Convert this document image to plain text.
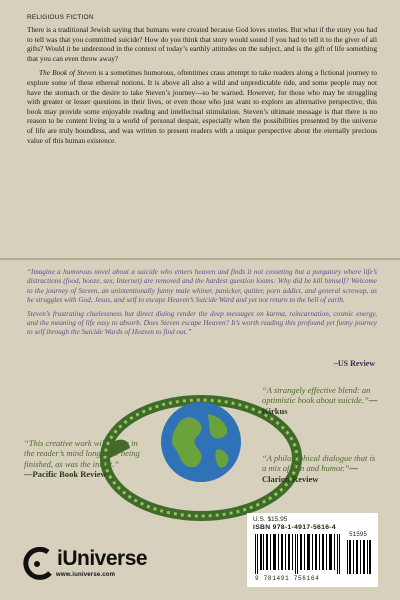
RELIGIOUS FICTION

There is a traditional Jewish saying that humans were created because God loves stories. But what if the story you had to tell was that you committed suicide? How do you think that story would sound if you had to tell it to the giver of all gifts? Would it be understood in the context of today’s earthly attitudes on the subject, and is the gift of life something that you can even throw away?

The Book of Steven is a sometimes humorous, oftentimes crass attempt to take readers along a fictional journey to explore some of these ethereal notions. It is above all also a wild and unpredictable ride, and some people may not have the stomach or the desire to take Steven’s journey—so be warned. However, for those who may be struggling with greater or lesser questions in their lives, or even those who just want to explore an alternative perspective, this book may provide some enjoyable reading and intellectual stimulation. Steven’s ultimate message is that there is no reason to be content living in a world of personal despair, especially when the possibilities presented by the universe of life are truly boundless, and was written to present readers with a unique perspective about the eternally precious value of this human existence.

“Imagine a humorous novel about a suicide who enters heaven and finds it not cosseting but a purgatory where life’s distractions (food, booze, sex, Internet) are removed and the hardest question looms: Why did he kill himself? Welcome to the journey of Steven, an unintentionally funny male whiner, panicker, quitter, porn addict, and general screwup, as he struggles with God, Jesus, and self to escape Heaven’s Suicide Ward and yet not return to the hell of earth.

Steven’s frustrating cluelessness but direct dialog render the deep messages on karma, reincarnation, cosmic energy, and the meaning of life easy to absorb. Does Steven escape Heaven? It’s worth reading this profound yet funny journey to self through the Suicide Wards of Heaven to find out.”

–US Review
“This creative work will linger in the reader’s mind long after being finished, as was the intent.”
—Pacific Book Review
“A strangely effective blend: an optimistic book about suicide.”—Kirkus
“A philosophical dialogue that is a mix of Zen and humor.”—Clarion Review
U.S. $15.95
ISBN 978-1-4917-5616-4
51595
9 781491 756164
iUniverse
www.iuniverse.com
